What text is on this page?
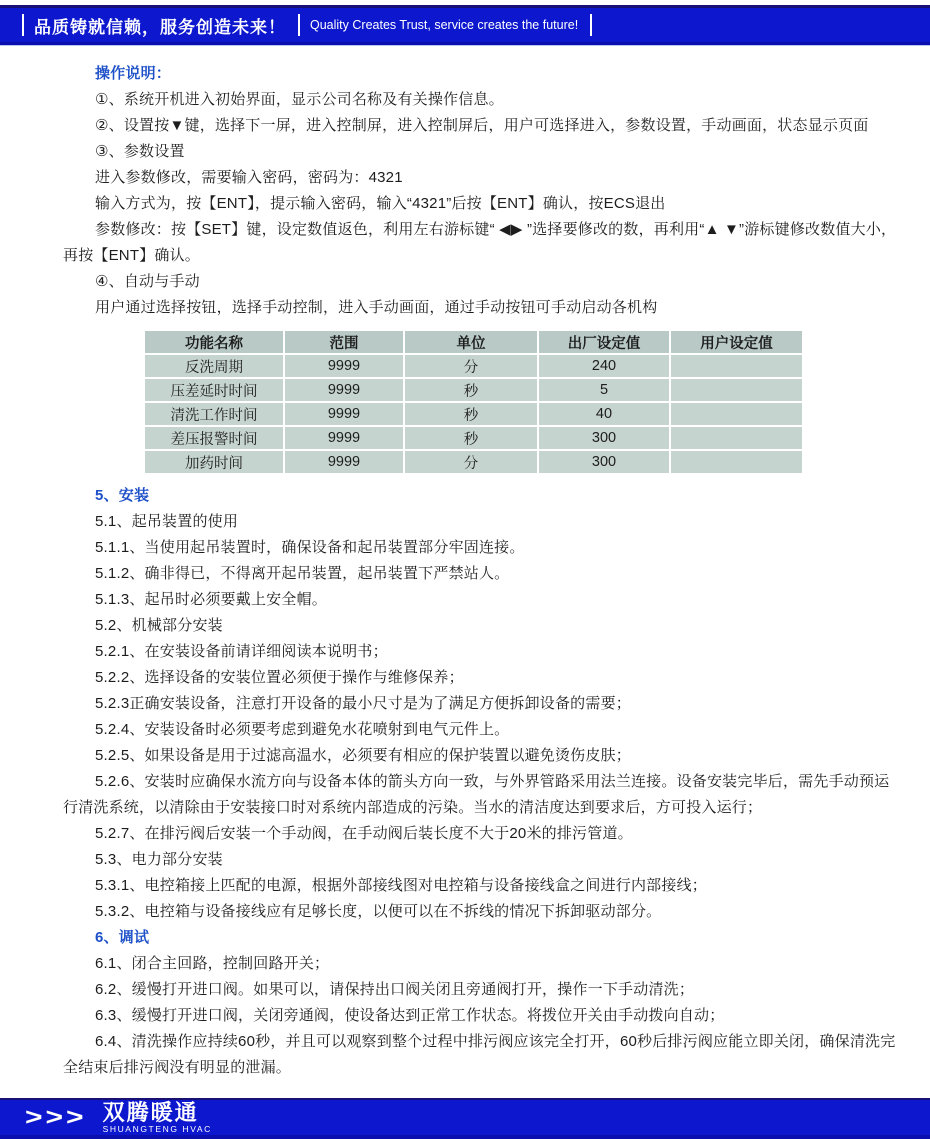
品质铸就信赖，服务创造未来！ Quality Creates Trust, service creates the future!

操作说明：

①、系统开机进入初始界面，显示公司名称及有关操作信息。

②、设置按▼键，选择下一屏，进入控制屏，进入控制屏后，用户可选择进入，参数设置，手动画面，状态显示页面

③、参数设置

进入参数修改，需要输入密码，密码为：4321

输入方式为，按【ENT】，提示输入密码，输入“4321”后按【ENT】确认，按ECS退出

参数修改：按【SET】键，设定数值返色，利用左右游标键“ ◀▶ ”选择要修改的数，再利用“▲ ▼”游标键修改数值大小，再按【ENT】确认。

④、自动与手动

用户通过选择按钮，选择手动控制，进入手动画面，通过手动按钮可手动启动各机构

功能名称	范围	单位	出厂设定值	用户设定值
反洗周期	9999	分	240	
压差延时时间	9999	秒	5	
清洗工作时间	9999	秒	40	
差压报警时间	9999	秒	300	
加药时间	9999	分	300	

5、安装

5.1、起吊装置的使用

5.1.1、当使用起吊装置时，确保设备和起吊装置部分牢固连接。

5.1.2、确非得已，不得离开起吊装置，起吊装置下严禁站人。

5.1.3、起吊时必须要戴上安全帽。

5.2、机械部分安装

5.2.1、在安装设备前请详细阅读本说明书；

5.2.2、选择设备的安装位置必须便于操作与维修保养；

5.2.3正确安装设备，注意打开设备的最小尺寸是为了满足方便拆卸设备的需要；

5.2.4、安装设备时必须要考虑到避免水花喷射到电气元件上。

5.2.5、如果设备是用于过滤高温水，必须要有相应的保护装置以避免烫伤皮肤；

5.2.6、安装时应确保水流方向与设备本体的箭头方向一致，与外界管路采用法兰连接。设备安装完毕后，需先手动预运行清洗系统，以清除由于安装接口时对系统内部造成的污染。当水的清洁度达到要求后，方可投入运行；

5.2.7、在排污阀后安装一个手动阀，在手动阀后装长度不大于20米的排污管道。

5.3、电力部分安装

5.3.1、电控箱接上匹配的电源，根据外部接线图对电控箱与设备接线盒之间进行内部接线；

5.3.2、电控箱与设备接线应有足够长度，以便可以在不拆线的情况下拆卸驱动部分。

6、调试

6.1、闭合主回路，控制回路开关；

6.2、缓慢打开进口阀。如果可以，请保持出口阀关闭且旁通阀打开，操作一下手动清洗；

6.3、缓慢打开进口阀，关闭旁通阀，使设备达到正常工作状态。将拨位开关由手动拨向自动；

6.4、清洗操作应持续60秒，并且可以观察到整个过程中排污阀应该完全打开，60秒后排污阀应能立即关闭，确保清洗完全结束后排污阀没有明显的泄漏。

>>> 双腾暖通
SHUANGTENG HVAC
